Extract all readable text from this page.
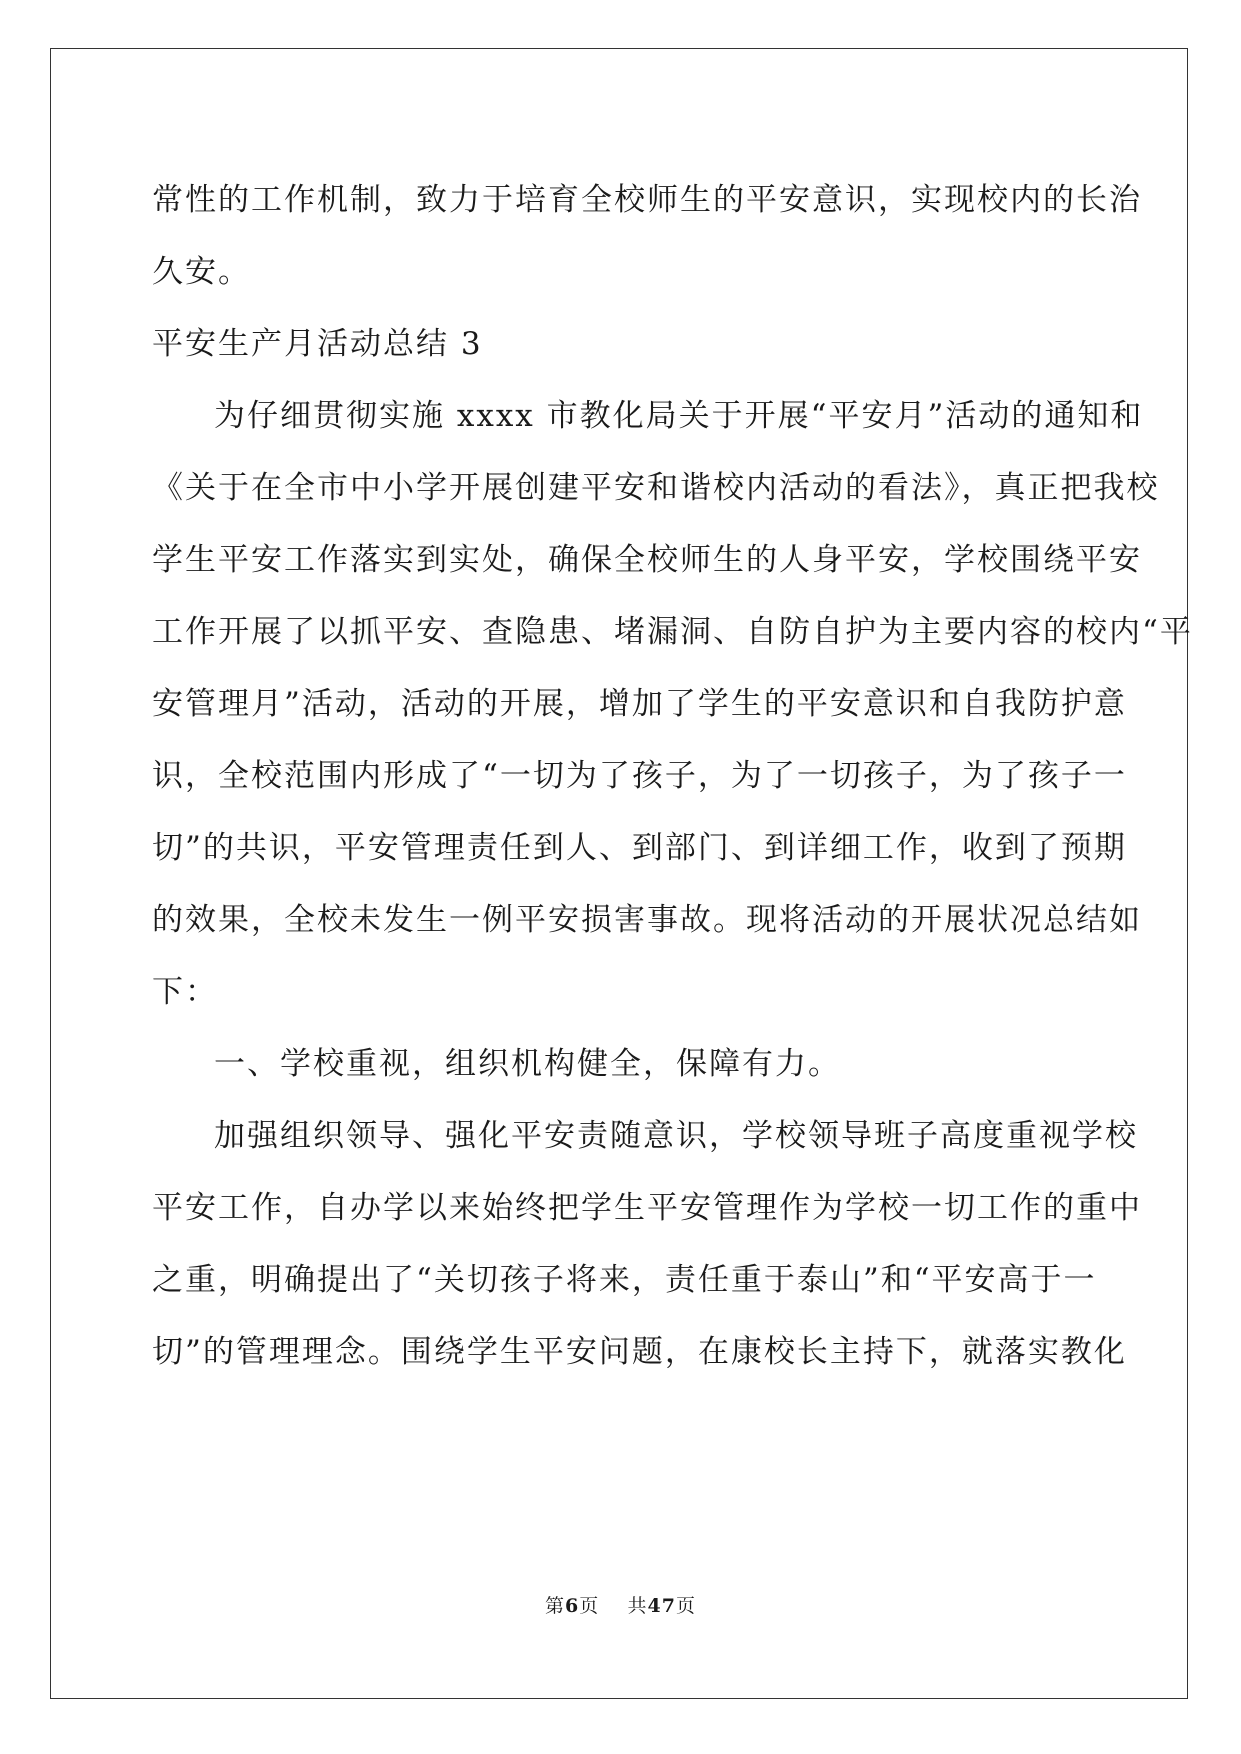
常性的工作机制，致力于培育全校师生的平安意识，实现校内的长治
久安。
平安生产月活动总结 3
为仔细贯彻实施 xxxx 市教化局关于开展“平安月”活动的通知和
《关于在全市中小学开展创建平安和谐校内活动的看法》，真正把我校
学生平安工作落实到实处，确保全校师生的人身平安，学校围绕平安
工作开展了以抓平安、查隐患、堵漏洞、自防自护为主要内容的校内“平
安管理月”活动，活动的开展，增加了学生的平安意识和自我防护意
识，全校范围内形成了“一切为了孩子，为了一切孩子，为了孩子一
切”的共识，平安管理责任到人、到部门、到详细工作，收到了预期
的效果，全校未发生一例平安损害事故。现将活动的开展状况总结如
下：
一、学校重视，组织机构健全，保障有力。
加强组织领导、强化平安责随意识，学校领导班子高度重视学校
平安工作，自办学以来始终把学生平安管理作为学校一切工作的重中
之重，明确提出了“关切孩子将来，责任重于泰山”和“平安高于一
切”的管理理念。围绕学生平安问题，在康校长主持下，就落实教化
第6页 共47页
